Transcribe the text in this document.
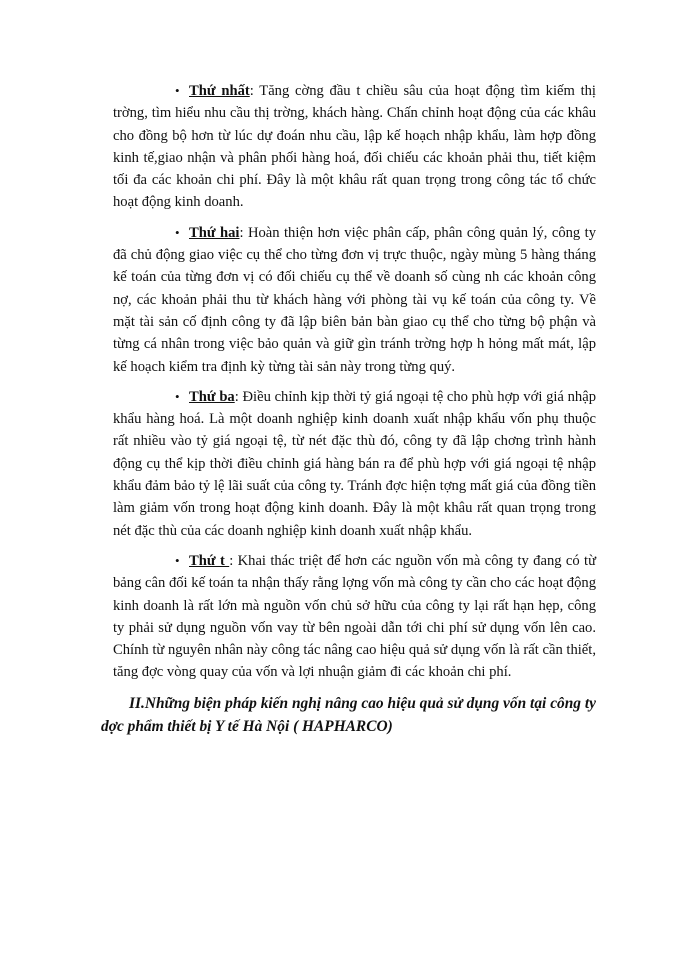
• Thứ nhất: Tăng cờng đầu t chiều sâu của hoạt động tìm kiếm thị trờng, tìm hiểu nhu cầu thị trờng, khách hàng. Chấn chỉnh hoạt động của các khâu cho đồng bộ hơn từ lúc dự đoán nhu cầu, lập kế hoạch nhập khẩu, làm hợp đồng kinh tế,giao nhận và phân phối hàng hoá, đối chiếu các khoản phải thu, tiết kiệm tối đa các khoản chi phí. Đây là một khâu rất quan trọng trong công tác tổ chức hoạt động kinh doanh.

• Thứ hai: Hoàn thiện hơn việc phân cấp, phân công quản lý, công ty đã chủ động giao việc cụ thể cho từng đơn vị trực thuộc, ngày mùng 5 hàng tháng kế toán của từng đơn vị có đối chiếu cụ thể về doanh số cùng nh các khoản công nợ, các khoản phải thu từ khách hàng với phòng tài vụ kế toán của công ty. Về mặt tài sản cố định công ty đã lập biên bản bàn giao cụ thể cho từng bộ phận và từng cá nhân trong việc bảo quản và giữ gìn tránh trờng hợp h hỏng mất mát, lập kế hoạch kiểm tra định kỳ từng tài sản này trong từng quý.

• Thứ ba: Điều chỉnh kịp thời tỷ giá ngoại tệ cho phù hợp với giá nhập khẩu hàng hoá. Là một doanh nghiệp kinh doanh xuất nhập khẩu vốn phụ thuộc rất nhiều vào tỷ giá ngoại tệ, từ nét đặc thù đó, công ty đã lập chơng trình hành động cụ thể kịp thời điều chỉnh giá hàng bán ra để phù hợp với giá ngoại tệ nhập khẩu đảm bảo tỷ lệ lãi suất của công ty. Tránh đợc hiện tợng mất giá của đồng tiền làm giảm vốn trong hoạt động kinh doanh. Đây là một khâu rất quan trọng trong nét đặc thù của các doanh nghiệp kinh doanh xuất nhập khẩu.

• Thứ t : Khai thác triệt để hơn các nguồn vốn mà công ty đang có từ bảng cân đối kế toán ta nhận thấy rằng lợng vốn mà công ty cần cho các hoạt động kinh doanh là rất lớn mà nguồn vốn chủ sở hữu của công ty lại rất hạn hẹp, công ty phải sử dụng nguồn vốn vay từ bên ngoài dẫn tới chi phí sử dụng vốn lên cao. Chính từ nguyên nhân này công tác nâng cao hiệu quả sử dụng vốn là rất cần thiết, tăng đợc vòng quay của vốn và lợi nhuận giảm đi các khoản chi phí.

II.Những biện pháp kiến nghị nâng cao hiệu quả sử dụng vốn tại công ty dợc phẩm thiết bị Y tế Hà Nội ( HAPHARCO)
